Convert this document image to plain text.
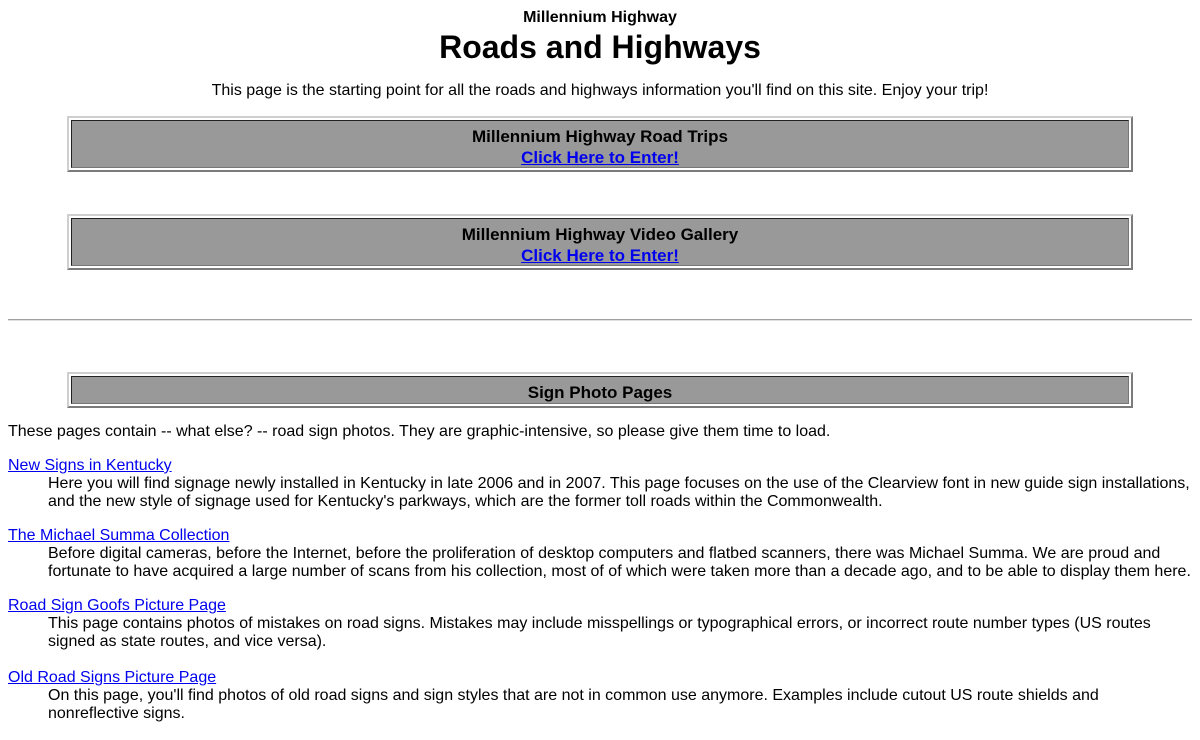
Millennium Highway
Roads and Highways
This page is the starting point for all the roads and highways information you'll find on this site. Enjoy your trip!
Millennium Highway Road Trips
Click Here to Enter!
Millennium Highway Video Gallery
Click Here to Enter!
Sign Photo Pages
These pages contain -- what else? -- road sign photos. They are graphic-intensive, so please give them time to load.
New Signs in Kentucky
Here you will find signage newly installed in Kentucky in late 2006 and in 2007. This page focuses on the use of the Clearview font in new guide sign installations, and the new style of signage used for Kentucky's parkways, which are the former toll roads within the Commonwealth.
The Michael Summa Collection
Before digital cameras, before the Internet, before the proliferation of desktop computers and flatbed scanners, there was Michael Summa. We are proud and fortunate to have acquired a large number of scans from his collection, most of of which were taken more than a decade ago, and to be able to display them here.
Road Sign Goofs Picture Page
This page contains photos of mistakes on road signs. Mistakes may include misspellings or typographical errors, or incorrect route number types (US routes signed as state routes, and vice versa).
Old Road Signs Picture Page
On this page, you'll find photos of old road signs and sign styles that are not in common use anymore. Examples include cutout US route shields and nonreflective signs.
